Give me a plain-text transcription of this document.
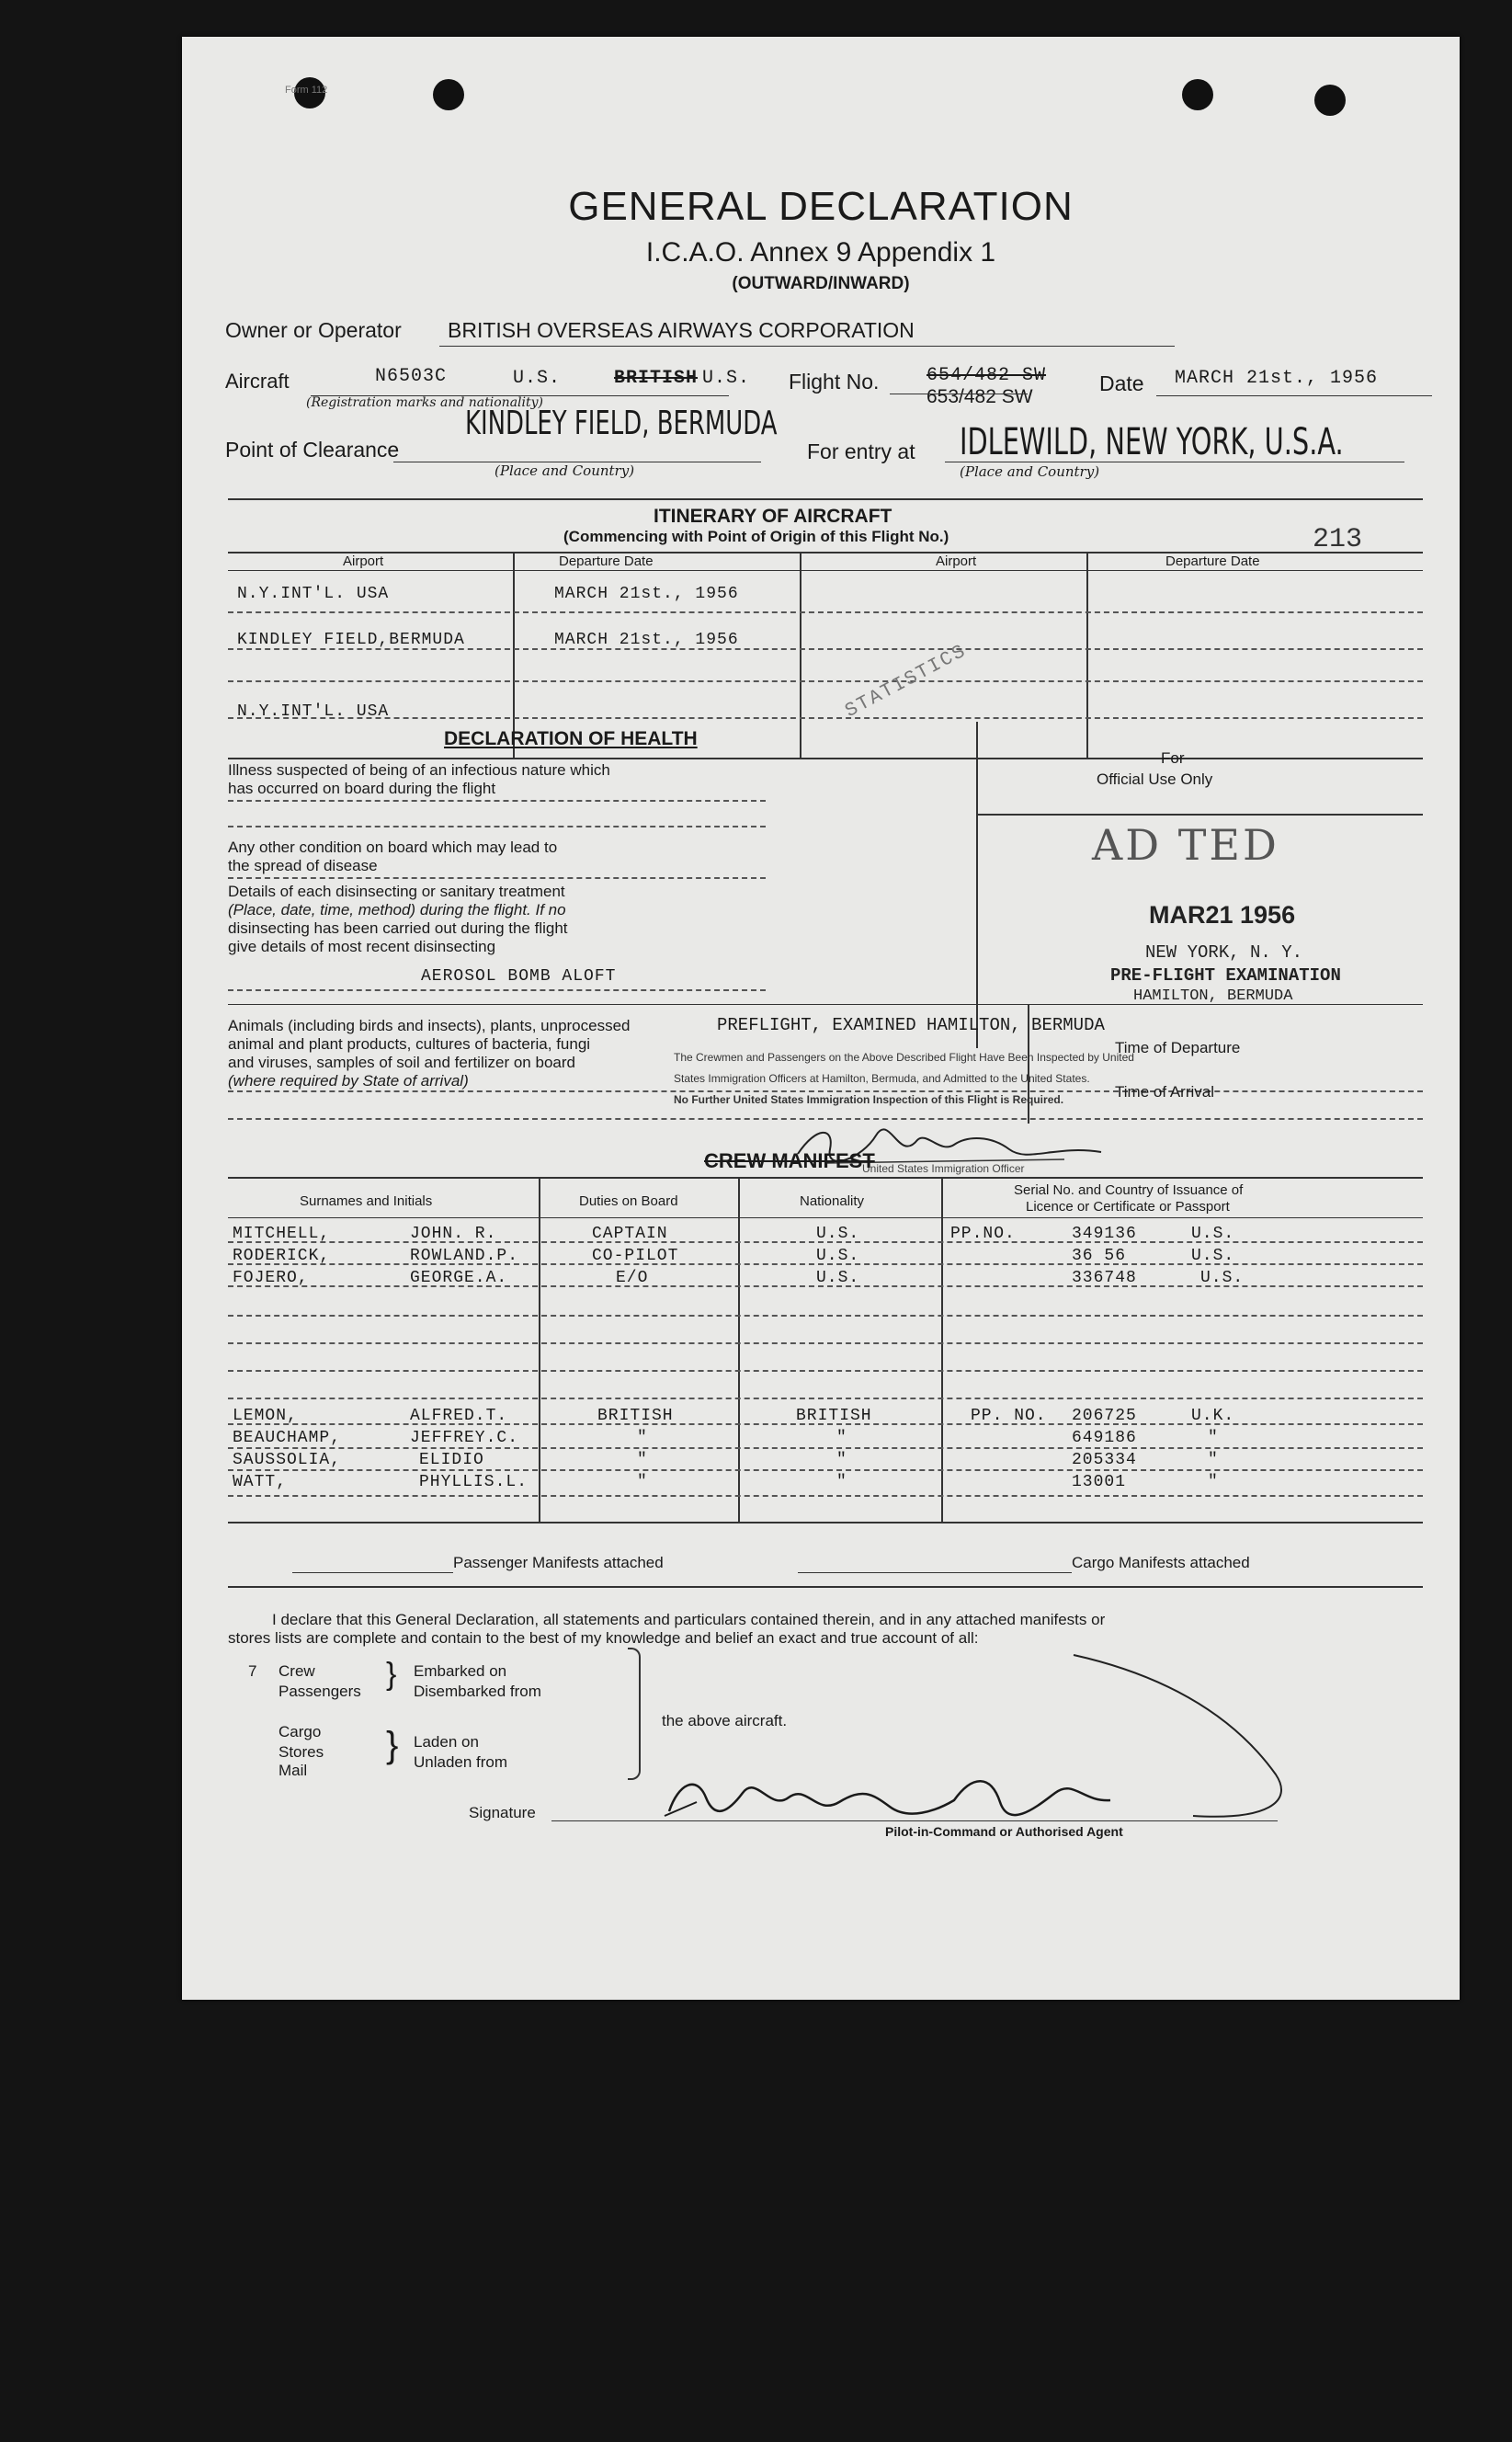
Form 112
GENERAL DECLARATION
I.C.A.O. Annex 9 Appendix 1
(OUTWARD/INWARD)
Owner or Operator BRITISH OVERSEAS AIRWAYS CORPORATION
Aircraft	N6503C	U.S.	BRITISH U.S.
(Registration marks and nationality)
Flight No.	654/482 SW
653/482 SW
Date MARCH 21st., 1956
KINDLEY FIELD, BERMUDA
Point of Clearance
(Place and Country)
For entry at IDLEWILD, NEW YORK, U.S.A.
(Place and Country)
ITINERARY OF AIRCRAFT
(Commencing with Point of Origin of this Flight No.)	213
Airport	Departure Date	Airport	Departure Date
N.Y.INT'L. USA	MARCH 21st., 1956
KINDLEY FIELD,BERMUDA	MARCH 21st., 1956
N.Y.INT'L. USA	STATISTICS
DECLARATION OF HEALTH
Illness suspected of being of an infectious nature which
has occurred on board during the flight
Any other condition on board which may lead to
the spread of disease
Details of each disinsecting or sanitary treatment
(Place, date, time, method) during the flight. If no
disinsecting has been carried out during the flight
give details of most recent disinsecting
AEROSOL BOMB ALOFT
Animals (including birds and insects), plants, unprocessed
animal and plant products, cultures of bacteria, fungi
and viruses, samples of soil and fertilizer on board
(where required by State of arrival)
For
Official Use Only
AD TED
MAR21 1956
NEW YORK, N. Y.
PRE-FLIGHT EXAMINATION
HAMILTON, BERMUDA
PREFLIGHT, EXAMINED HAMILTON, BERMUDA
Time of Departure
Time of Arrival
The Crewmen and Passengers on the Above Described Flight Have Been Inspected by United
States Immigration Officers at Hamilton, Bermuda, and Admitted to the United States.
No Further United States Immigration Inspection of this Flight is Required.
United States Immigration Officer
CREW MANIFEST
Surnames and Initials	Duties on Board	Nationality
Serial No. and Country of Issuance of
Licence or Certificate or Passport
MITCHELL,	JOHN. R.	CAPTAIN	U.S.	PP.NO.	349136	U.S.
RODERICK,	ROWLAND.P.	CO-PILOT	U.S.	36 56	U.S.
FOJERO,	GEORGE.A.	E/O	U.S.	336748	U.S.
LEMON,	ALFRED.T.	BRITISH	BRITISH	PP. NO. 206725	U.K.
BEAUCHAMP,	JEFFREY.C.	"	"	649186	"
SAUSSOLIA,	ELIDIO	"	"	205334	"
WATT,	PHYLLIS.L.	"	"	13001	"
Passenger Manifests attached	Cargo Manifests attached
I declare that this General Declaration, all statements and particulars contained therein, and in any attached manifests or
stores lists are complete and contain to the best of my knowledge and belief an exact and true account of all:
7 Crew
Passengers } Embarked on
Disembarked from
Cargo
Stores
Mail
} Laden on
Unladen from
the above aircraft.
Signature
Pilot-in-Command or Authorised Agent
